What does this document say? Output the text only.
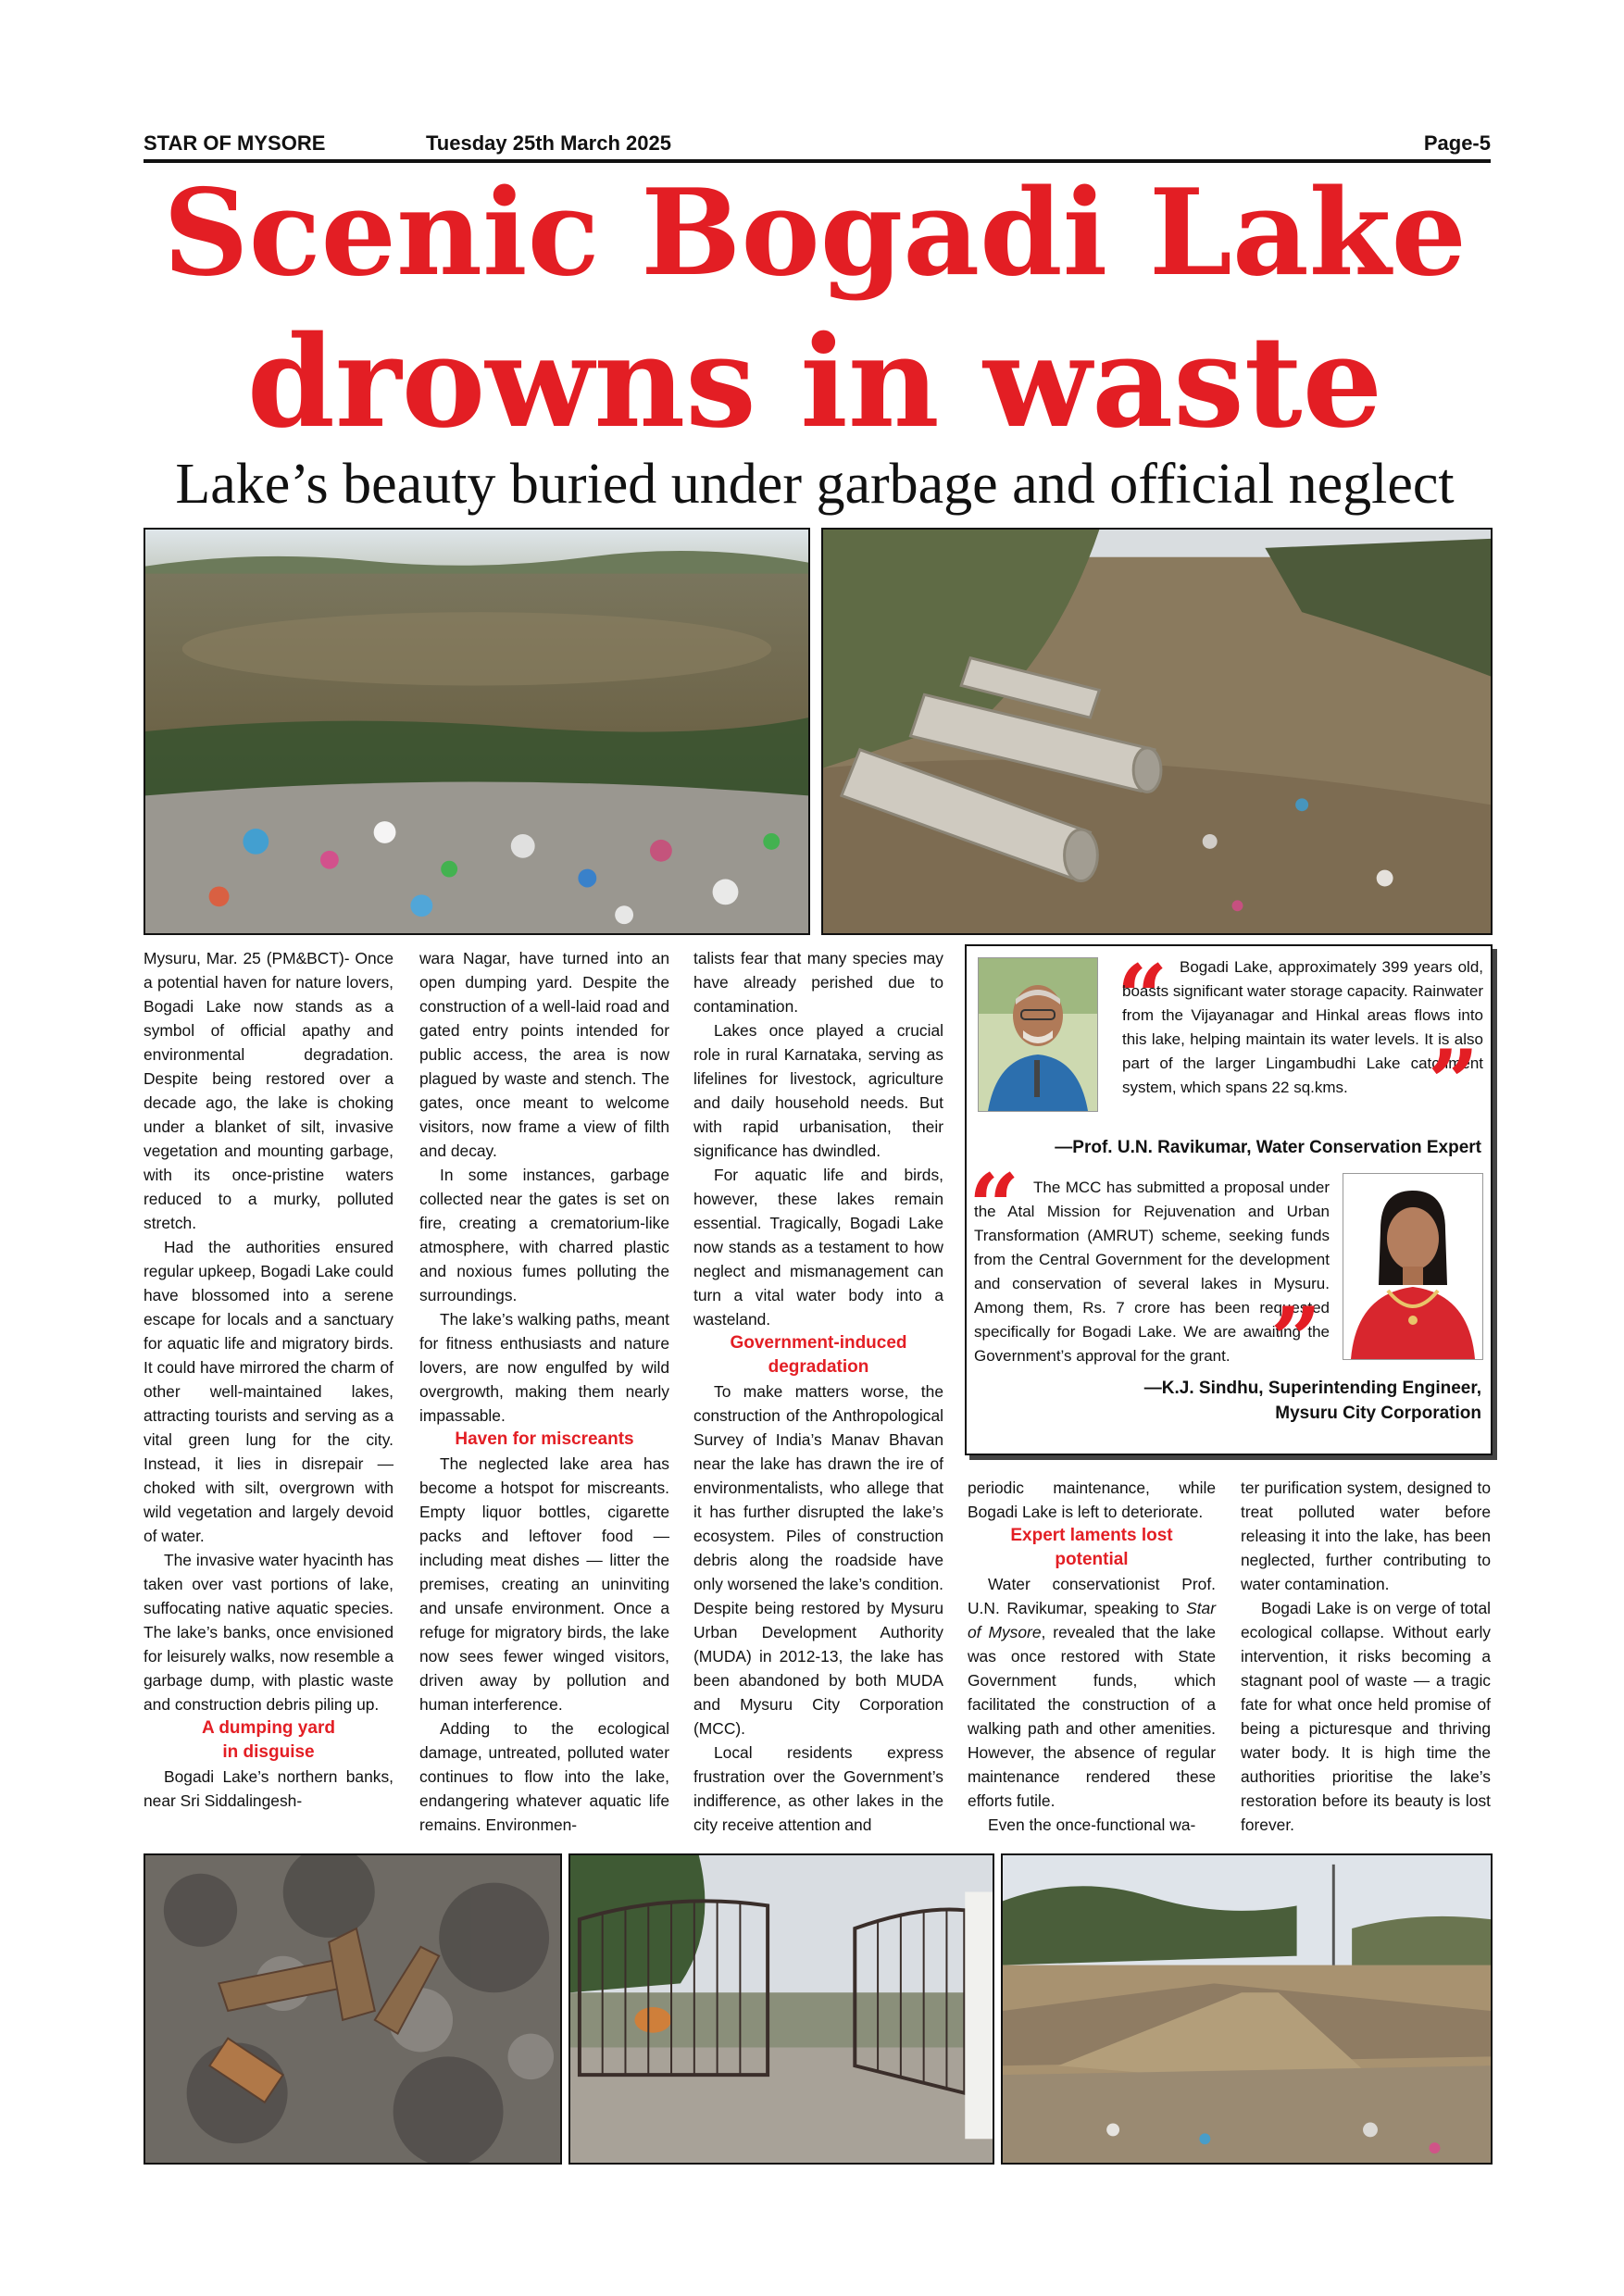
STAR OF MYSORE	Tuesday 25th March 2025	Page-5
Scenic Bogadi Lake
drowns in waste
Lake’s beauty buried under garbage and official neglect

Mysuru, Mar. 25 (PM&BCT)- Once a potential haven for nature lovers, Bogadi Lake now stands as a symbol of official apathy and environmental degradation. Despite being restored over a decade ago, the lake is choking under a blanket of silt, invasive vegetation and mounting garbage, with its once-pristine waters reduced to a murky, polluted stretch.

Had the authorities ensured regular upkeep, Bogadi Lake could have blossomed into a serene escape for locals and a sanctuary for aquatic life and migratory birds. It could have mirrored the charm of other well-maintained lakes, attracting tourists and serving as a vital green lung for the city. Instead, it lies in disrepair — choked with silt, overgrown with wild vegetation and largely devoid of water.

The invasive water hyacinth has taken over vast portions of lake, suffocating native aquatic species. The lake’s banks, once envisioned for leisurely walks, now resemble a garbage dump, with plastic waste and construction debris piling up.

A dumping yard
in disguise

Bogadi Lake’s northern banks, near Sri Siddalingesh-

wara Nagar, have turned into an open dumping yard. Despite the construction of a well-laid road and gated entry points intended for public access, the area is now plagued by waste and stench. The gates, once meant to welcome visitors, now frame a view of filth and decay.

In some instances, garbage collected near the gates is set on fire, creating a crematorium-like atmosphere, with charred plastic and noxious fumes polluting the surroundings.

The lake’s walking paths, meant for fitness enthusiasts and nature lovers, are now engulfed by wild overgrowth, making them nearly impassable.

Haven for miscreants

The neglected lake area has become a hotspot for miscreants. Empty liquor bottles, cigarette packs and leftover food — including meat dishes — litter the premises, creating an uninviting and unsafe environment. Once a refuge for migratory birds, the lake now sees fewer winged visitors, driven away by pollution and human interference.

Adding to the ecological damage, untreated, polluted water continues to flow into the lake, endangering whatever aquatic life remains. Environmen-

talists fear that many species may have already perished due to contamination.

Lakes once played a crucial role in rural Karnataka, serving as lifelines for livestock, agriculture and daily household needs. But with rapid urbanisation, their significance has dwindled.

For aquatic life and birds, however, these lakes remain essential. Tragically, Bogadi Lake now stands as a testament to how neglect and mismanagement can turn a vital water body into a wasteland.

Government-induced
degradation

To make matters worse, the construction of the Anthropological Survey of India’s Manav Bhavan near the lake has drawn the ire of environmentalists, who allege that it has further disrupted the lake’s ecosystem. Piles of construction debris along the roadside have only worsened the lake’s condition. Despite being restored by Mysuru Urban Development Authority (MUDA) in 2012-13, the lake has been abandoned by both MUDA and Mysuru City Corporation (MCC).

Local residents express frustration over the Government’s indifference, as other lakes in the city receive attention and

“ Bogadi Lake, approximately 399 years old, boasts significant water storage capacity. Rainwater from the Vijayanagar and Hinkal areas flows into this lake, helping maintain its water levels. It is also part of the larger Lingambudhi Lake catchment system, which spans 22 sq.kms. ”
—Prof. U.N. Ravikumar, Water Conservation Expert
“ The MCC has submitted a proposal under the Atal Mission for Rejuvenation and Urban Transformation (AMRUT) scheme, seeking funds from the Central Government for the development and conservation of several lakes in Mysuru. Among them, Rs. 7 crore has been requested specifically for Bogadi Lake. We are awaiting the Government’s approval for the grant. ”
—K.J. Sindhu, Superintending Engineer,
Mysuru City Corporation

periodic maintenance, while Bogadi Lake is left to deteriorate.

Expert laments lost
potential

Water conservationist Prof. U.N. Ravikumar, speaking to Star of Mysore, revealed that the lake was once restored with State Government funds, which facilitated the construction of a walking path and other amenities. However, the absence of regular maintenance rendered these efforts futile.

Even the once-functional wa-

ter purification system, designed to treat polluted water before releasing it into the lake, has been neglected, further contributing to water contamination.

Bogadi Lake is on verge of total ecological collapse. Without early intervention, it risks becoming a stagnant pool of waste — a tragic fate for what once held promise of being a picturesque and thriving water body. It is high time the authorities prioritise the lake’s restoration before its beauty is lost forever.
